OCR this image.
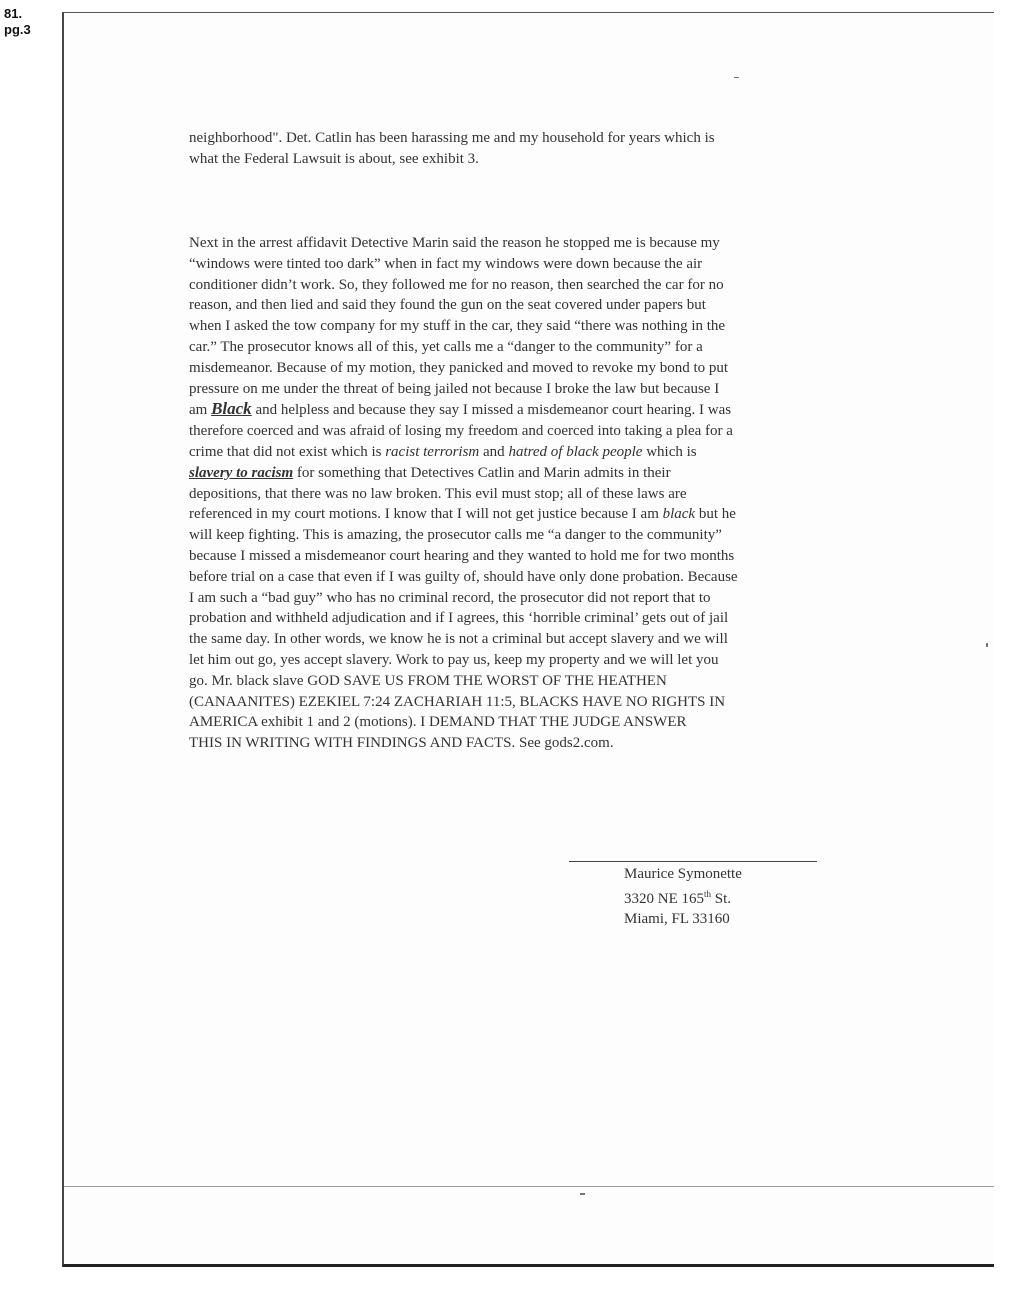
81.
pg.3
neighborhood". Det. Catlin has been harassing me and my household for years which is
what the Federal Lawsuit is about, see exhibit 3.
Next in the arrest affidavit Detective Marin said the reason he stopped me is because my
“windows were tinted too dark” when in fact my windows were down because the air
conditioner didn’t work. So, they followed me for no reason, then searched the car for no
reason, and then lied and said they found the gun on the seat covered under papers but
when I asked the tow company for my stuff in the car, they said “there was nothing in the
car.” The prosecutor knows all of this, yet calls me a “danger to the community” for a
misdemeanor. Because of my motion, they panicked and moved to revoke my bond to put
pressure on me under the threat of being jailed not because I broke the law but because I
am Black and helpless and because they say I missed a misdemeanor court hearing. I was
therefore coerced and was afraid of losing my freedom and coerced into taking a plea for a
crime that did not exist which is racist terrorism and hatred of black people which is
slavery to racism for something that Detectives Catlin and Marin admits in their
depositions, that there was no law broken. This evil must stop; all of these laws are
referenced in my court motions. I know that I will not get justice because I am black but he
will keep fighting. This is amazing, the prosecutor calls me “a danger to the community”
because I missed a misdemeanor court hearing and they wanted to hold me for two months
before trial on a case that even if I was guilty of, should have only done probation. Because
I am such a “bad guy” who has no criminal record, the prosecutor did not report that to
probation and withheld adjudication and if I agrees, this ‘horrible criminal’ gets out of jail
the same day. In other words, we know he is not a criminal but accept slavery and we will
let him out go, yes accept slavery. Work to pay us, keep my property and we will let you
go. Mr. black slave GOD SAVE US FROM THE WORST OF THE HEATHEN
(CANAANITES) EZEKIEL 7:24 ZACHARIAH 11:5, BLACKS HAVE NO RIGHTS IN
AMERICA exhibit 1 and 2 (motions). I DEMAND THAT THE JUDGE ANSWER
THIS IN WRITING WITH FINDINGS AND FACTS. See gods2.com.
Maurice Symonette
3320 NE 165th St.
Miami, FL 33160
